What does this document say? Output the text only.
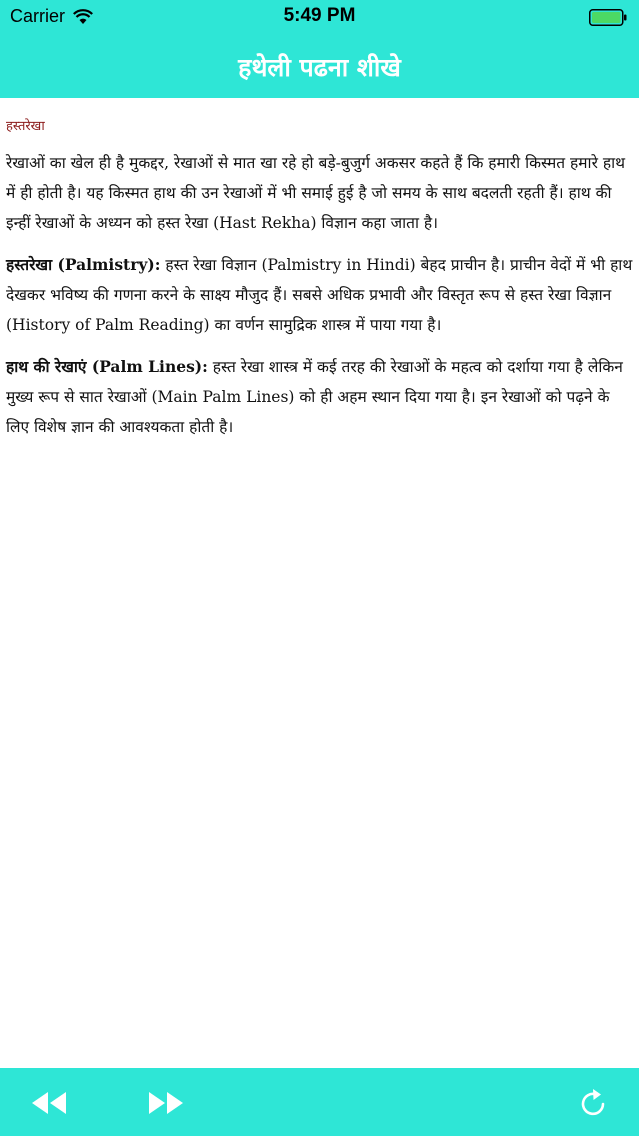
Carrier	5:49 PM
हथेली पढना शीखे
हस्तरेखा

रेखाओं का खेल ही है मुकद्दर, रेखाओं से मात खा रहे हो बड़े-बुजुर्ग अकसर कहते हैं कि हमारी किस्मत हमारे हाथ में ही होती है। यह किस्मत हाथ की उन रेखाओं में भी समाई हुई है जो समय के साथ बदलती रहती हैं। हाथ की इन्हीं रेखाओं के अध्यन को हस्त रेखा (Hast Rekha) विज्ञान कहा जाता है।

हस्तरेखा (Palmistry): हस्त रेखा विज्ञान (Palmistry in Hindi) बेहद प्राचीन है। प्राचीन वेदों में भी हाथ देखकर भविष्य की गणना करने के साक्ष्य मौजुद हैं। सबसे अधिक प्रभावी और विस्तृत रूप से हस्त रेखा विज्ञान (History of Palm Reading) का वर्णन सामुद्रिक शास्त्र में पाया गया है।

हाथ की रेखाएं (Palm Lines): हस्त रेखा शास्त्र में कई तरह की रेखाओं के महत्व को दर्शाया गया है लेकिन मुख्य रूप से सात रेखाओं (Main Palm Lines) को ही अहम स्थान दिया गया है। इन रेखाओं को पढ़ने के लिए विशेष ज्ञान की आवश्यकता होती है।
